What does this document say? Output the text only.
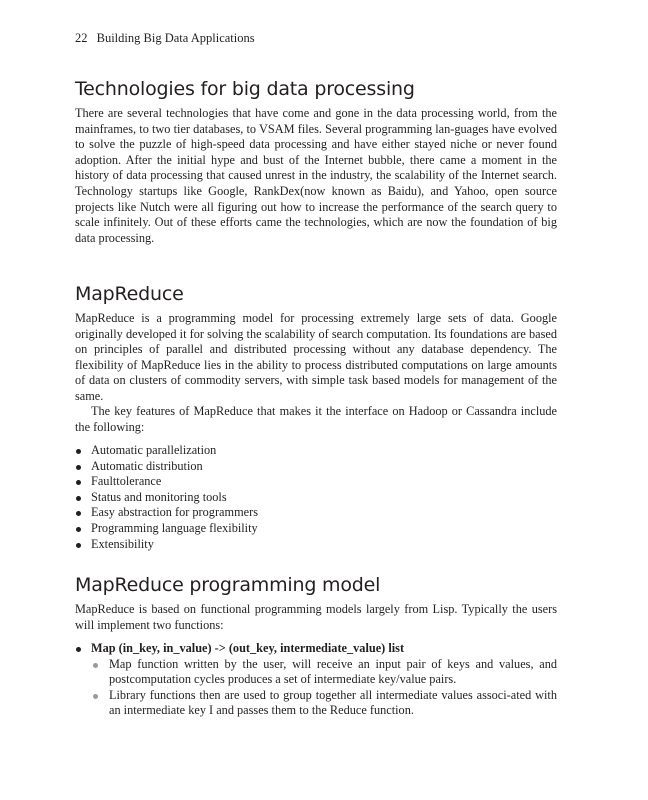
22 Building Big Data Applications
Technologies for big data processing

There are several technologies that have come and gone in the data processing world, from the mainframes, to two tier databases, to VSAM files. Several programming lan-guages have evolved to solve the puzzle of high-speed data processing and have either stayed niche or never found adoption. After the initial hype and bust of the Internet bubble, there came a moment in the history of data processing that caused unrest in the industry, the scalability of the Internet search. Technology startups like Google, RankDex(now known as Baidu), and Yahoo, open source projects like Nutch were all figuring out how to increase the performance of the search query to scale infinitely. Out of these efforts came the technologies, which are now the foundation of big data processing.

MapReduce

MapReduce is a programming model for processing extremely large sets of data. Google originally developed it for solving the scalability of search computation. Its foundations are based on principles of parallel and distributed processing without any database dependency. The flexibility of MapReduce lies in the ability to process distributed computations on large amounts of data on clusters of commodity servers, with simple task based models for management of the same.

The key features of MapReduce that makes it the interface on Hadoop or Cassandra include the following:

Automatic parallelization
Automatic distribution
Faulttolerance
Status and monitoring tools
Easy abstraction for programmers
Programming language flexibility
Extensibility
MapReduce programming model

MapReduce is based on functional programming models largely from Lisp. Typically the users will implement two functions:

Map (in_key, in_value) -> (out_key, intermediate_value) list
Map function written by the user, will receive an input pair of keys and values, and postcomputation cycles produces a set of intermediate key/value pairs.
Library functions then are used to group together all intermediate values associ-ated with an intermediate key I and passes them to the Reduce function.
